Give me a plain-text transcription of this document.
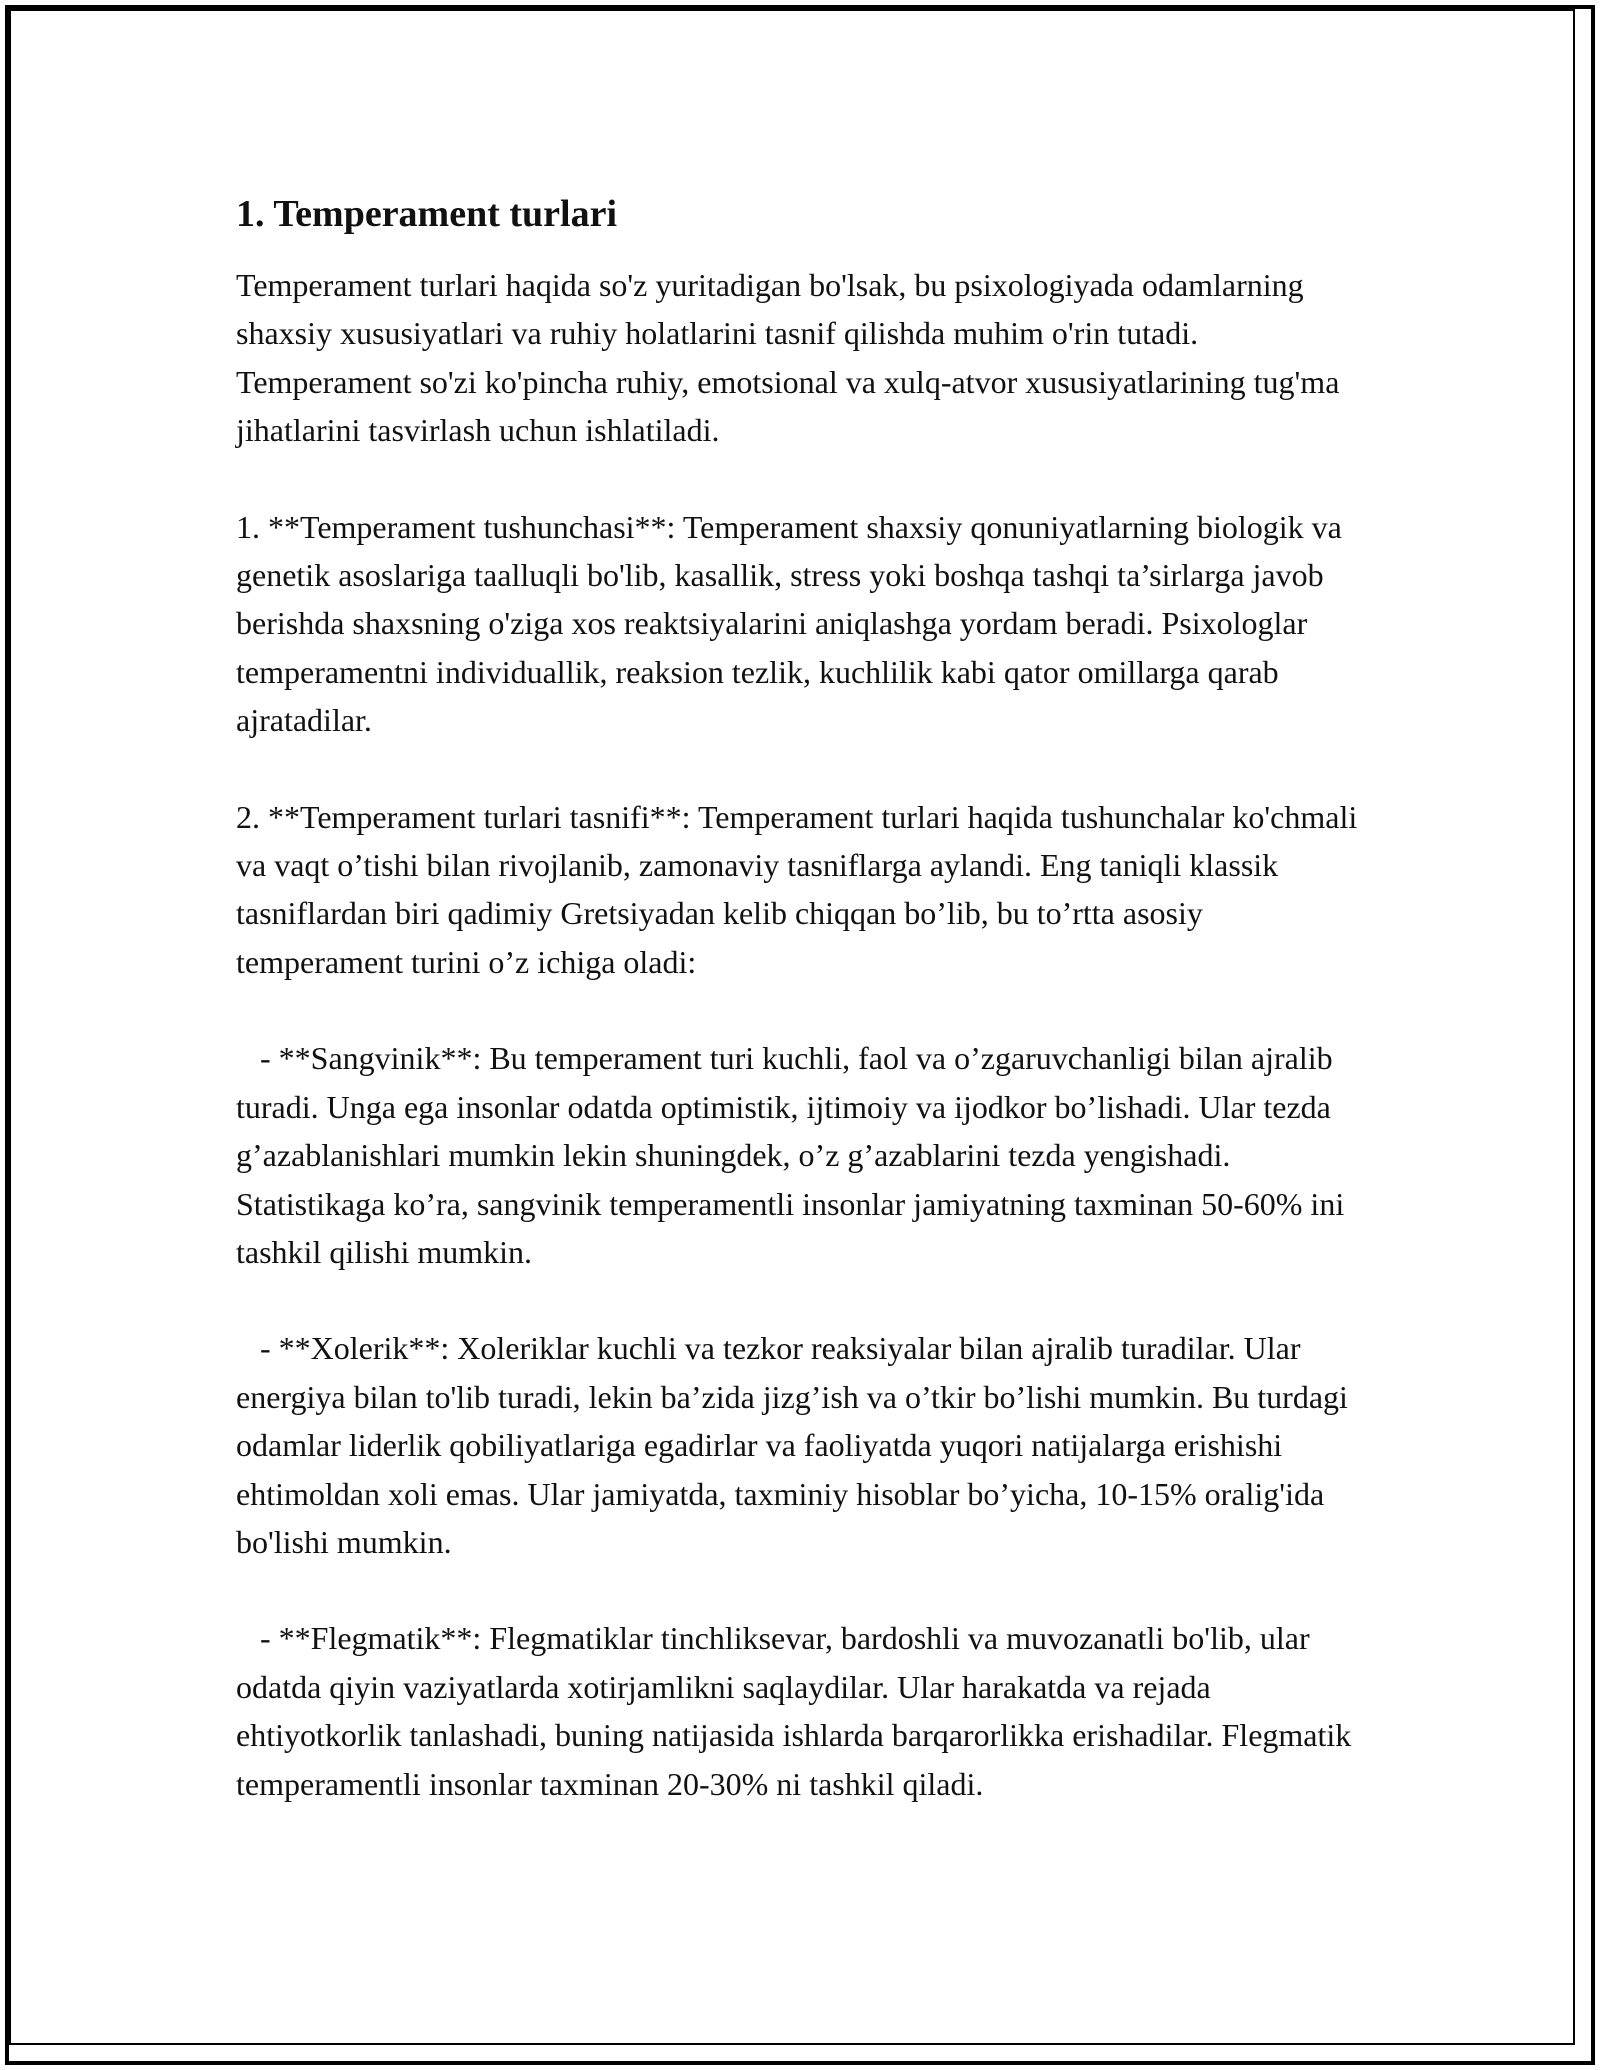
1. Temperament turlari

Temperament turlari haqida so'z yuritadigan bo'lsak, bu psixologiyada odamlarning shaxsiy xususiyatlari va ruhiy holatlarini tasnif qilishda muhim o'rin tutadi. Temperament so'zi ko'pincha ruhiy, emotsional va xulq-atvor xususiyatlarining tug'ma jihatlarini tasvirlash uchun ishlatiladi.

1. **Temperament tushunchasi**: Temperament shaxsiy qonuniyatlarning biologik va genetik asoslariga taalluqli bo'lib, kasallik, stress yoki boshqa tashqi ta’sirlarga javob berishda shaxsning o'ziga xos reaktsiyalarini aniqlashga yordam beradi. Psixologlar temperamentni individuallik, reaksion tezlik, kuchlilik kabi qator omillarga qarab ajratadilar.

2. **Temperament turlari tasnifi**: Temperament turlari haqida tushunchalar ko'chmali va vaqt o’tishi bilan rivojlanib, zamonaviy tasniflarga aylandi. Eng taniqli klassik tasniflardan biri qadimiy Gretsiyadan kelib chiqqan bo’lib, bu to’rtta asosiy temperament turini o’z ichiga oladi:

- **Sangvinik**: Bu temperament turi kuchli, faol va o’zgaruvchanligi bilan ajralib turadi. Unga ega insonlar odatda optimistik, ijtimoiy va ijodkor bo’lishadi. Ular tezda g’azablanishlari mumkin lekin shuningdek, o’z g’azablarini tezda yengishadi. Statistikaga ko’ra, sangvinik temperamentli insonlar jamiyatning taxminan 50-60% ini tashkil qilishi mumkin.

- **Xolerik**: Xoleriklar kuchli va tezkor reaksiyalar bilan ajralib turadilar. Ular energiya bilan to'lib turadi, lekin ba’zida jizg’ish va o’tkir bo’lishi mumkin. Bu turdagi odamlar liderlik qobiliyatlariga egadirlar va faoliyatda yuqori natijalarga erishishi ehtimoldan xoli emas. Ular jamiyatda, taxminiy hisoblar bo’yicha, 10-15% oralig'ida bo'lishi mumkin.

- **Flegmatik**: Flegmatiklar tinchliksevar, bardoshli va muvozanatli bo'lib, ular odatda qiyin vaziyatlarda xotirjamlikni saqlaydilar. Ular harakatda va rejada ehtiyotkorlik tanlashadi, buning natijasida ishlarda barqarorlikka erishadilar. Flegmatik temperamentli insonlar taxminan 20-30% ni tashkil qiladi.
